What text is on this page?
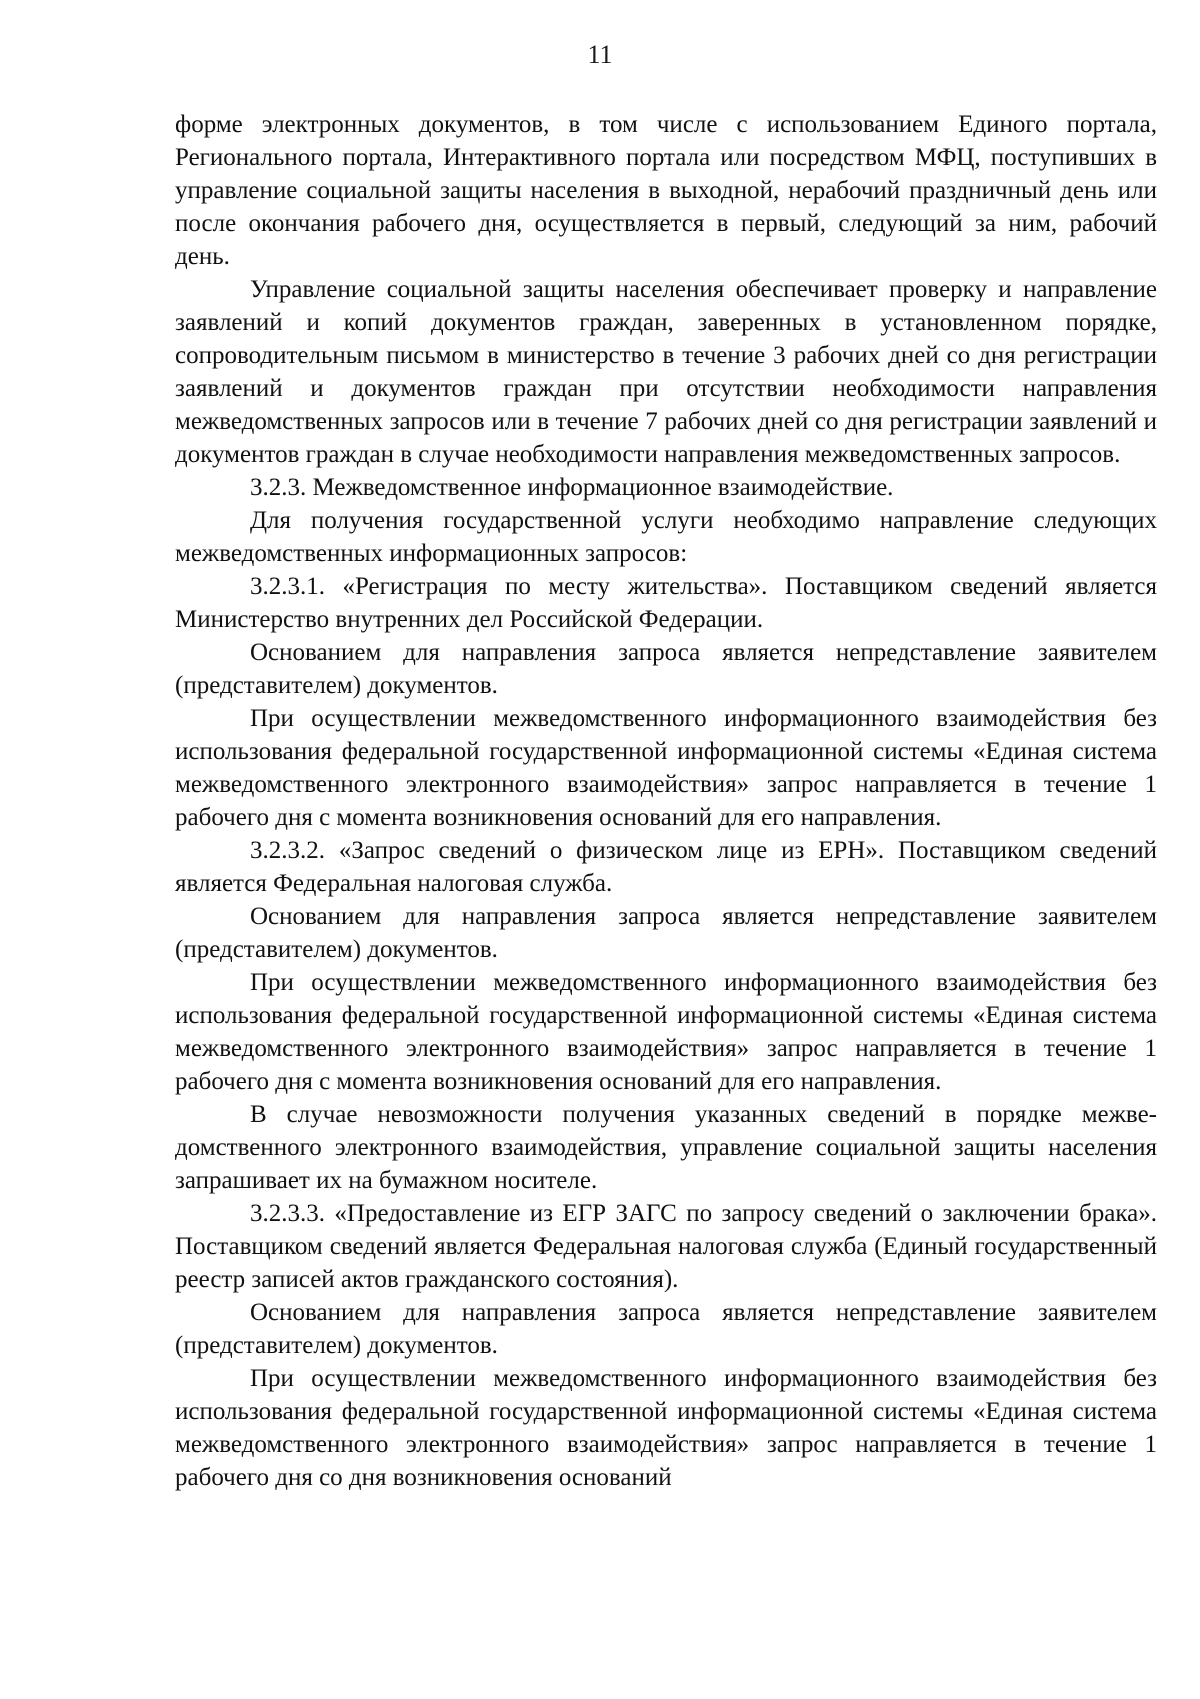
11

форме электронных документов, в том числе с использованием Единого портала, Регионального портала, Интерактивного портала или посредством МФЦ, поступивших в управление социальной защиты населения в выходной, нерабочий праздничный день или после окончания рабочего дня, осуществляется в первый, следующий за ним, рабочий день.

Управление социальной защиты населения обеспечивает проверку и направление заявлений и копий документов граждан, заверенных в установленном порядке, сопроводительным письмом в министерство в течение 3 рабочих дней со дня регистрации заявлений и документов граждан при отсутствии необходимости направления межведомственных запросов или в течение 7 рабочих дней со дня регистрации заявлений и документов граждан в случае необходимости направления межведомственных запросов.

3.2.3. Межведомственное информационное взаимодействие.

Для получения государственной услуги необходимо направление следующих межведомственных информационных запросов:

3.2.3.1. «Регистрация по месту жительства». Поставщиком сведений является Министерство внутренних дел Российской Федерации.

Основанием для направления запроса является непредставление заявителем (представителем) документов.

При осуществлении межведомственного информационного взаимодействия без использования федеральной государственной информационной системы «Единая система межведомственного электронного взаимодействия» запрос направляется в течение 1 рабочего дня с момента возникновения оснований для его направления.

3.2.3.2. «Запрос сведений о физическом лице из ЕРН». Поставщиком сведений является Федеральная налоговая служба.

Основанием для направления запроса является непредставление заявителем (представителем) документов.

При осуществлении межведомственного информационного взаимодействия без использования федеральной государственной информационной системы «Единая система межведомственного электронного взаимодействия» запрос направляется в течение 1 рабочего дня с момента возникновения оснований для его направления.

В случае невозможности получения указанных сведений в порядке межведомственного электронного взаимодействия, управление социальной защиты населения запрашивает их на бумажном носителе.

3.2.3.3. «Предоставление из ЕГР ЗАГС по запросу сведений о заключении брака». Поставщиком сведений является Федеральная налоговая служба (Единый государственный реестр записей актов гражданского состояния).

Основанием для направления запроса является непредставление заявителем (представителем) документов.

При осуществлении межведомственного информационного взаимодействия без использования федеральной государственной информационной системы «Единая система межведомственного электронного взаимодействия» запрос направляется в течение 1 рабочего дня со дня возникновения оснований
